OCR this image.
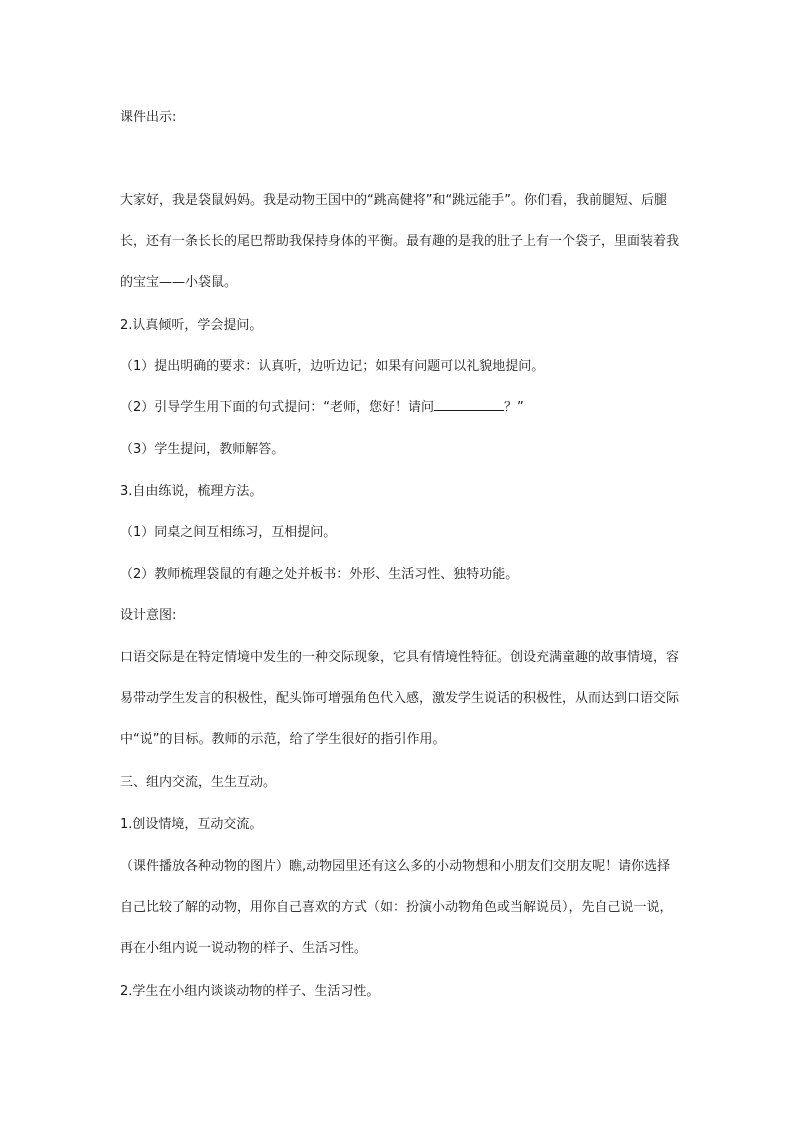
课件出示:

大家好，我是袋鼠妈妈。我是动物王国中的“跳高健将”和“跳远能手”。你们看，我前腿短、后腿长，还有一条长长的尾巴帮助我保持身体的平衡。最有趣的是我的肚子上有一个袋子，里面装着我的宝宝——小袋鼠。

2.认真倾听，学会提问。

（1）提出明确的要求：认真听，边听边记；如果有问题可以礼貌地提问。

（2）引导学生用下面的句式提问：“老师，您好！请问	？”

（3）学生提问，教师解答。

3.自由练说，梳理方法。

（1）同桌之间互相练习，互相提问。

（2）教师梳理袋鼠的有趣之处并板书：外形、生活习性、独特功能。

设计意图:

口语交际是在特定情境中发生的一种交际现象，它具有情境性特征。创设充满童趣的故事情境，容易带动学生发言的积极性，配头饰可增强角色代入感，激发学生说话的积极性，从而达到口语交际中“说”的目标。教师的示范，给了学生很好的指引作用。

三、组内交流，生生互动。

1.创设情境，互动交流。

（课件播放各种动物的图片）瞧,动物园里还有这么多的小动物想和小朋友们交朋友呢！请你选择自己比较了解的动物，用你自己喜欢的方式（如：扮演小动物角色或当解说员），先自己说一说，再在小组内说一说动物的样子、生活习性。

2.学生在小组内谈谈动物的样子、生活习性。
